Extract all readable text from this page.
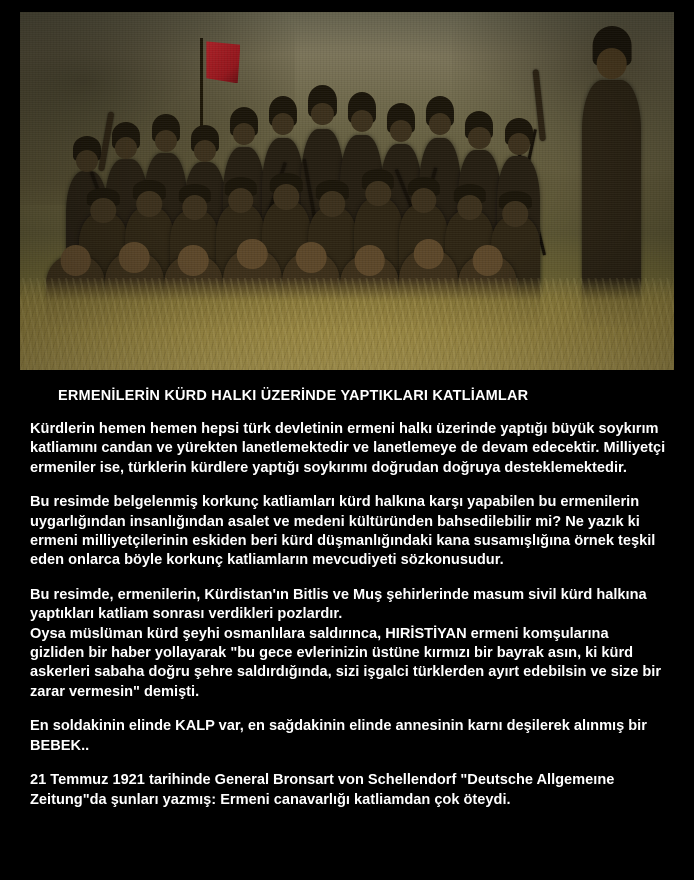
ERMENİLERİN KÜRD HALKI ÜZERİNDE YAPTIKLARI KATLİAMLAR

Kürdlerin hemen hemen hepsi türk devletinin ermeni halkı üzerinde yaptığı büyük soykırım katliamını candan ve yürekten lanetlemektedir ve lanetlemeye de devam edecektir. Milliyetçi ermeniler ise, türklerin kürdlere yaptığı soykırımı doğrudan doğruya desteklemektedir.

Bu resimde belgelenmiş korkunç katliamları kürd halkına karşı yapabilen bu ermenilerin uygarlığından insanlığından asalet ve medeni kültüründen bahsedilebilir mi? Ne yazık ki ermeni milliyetçilerinin eskiden beri kürd düşmanlığındaki kana susamışlığına örnek teşkil eden onlarca böyle korkunç katliamların mevcudiyeti sözkonusudur.

Bu resimde, ermenilerin, Kürdistan'ın Bitlis ve Muş şehirlerinde masum sivil kürd halkına yaptıkları katliam sonrası verdikleri pozlardır.

Oysa müslüman kürd şeyhi osmanlılara saldırınca, HIRİSTİYAN ermeni komşularına gizliden bir haber yollayarak "bu gece evlerinizin üstüne kırmızı bir bayrak asın, ki kürd askerleri sabaha doğru şehre saldırdığında, sizi işgalci türklerden ayırt edebilsin ve size bir zarar vermesin" demişti.

En soldakinin elinde KALP var, en sağdakinin elinde annesinin karnı deşilerek alınmış bir BEBEK..

21 Temmuz 1921 tarihinde General Bronsart von Schellendorf "Deutsche Allgemeıne Zeitung"da şunları yazmış: Ermeni canavarlığı katliamdan çok öteydi.
